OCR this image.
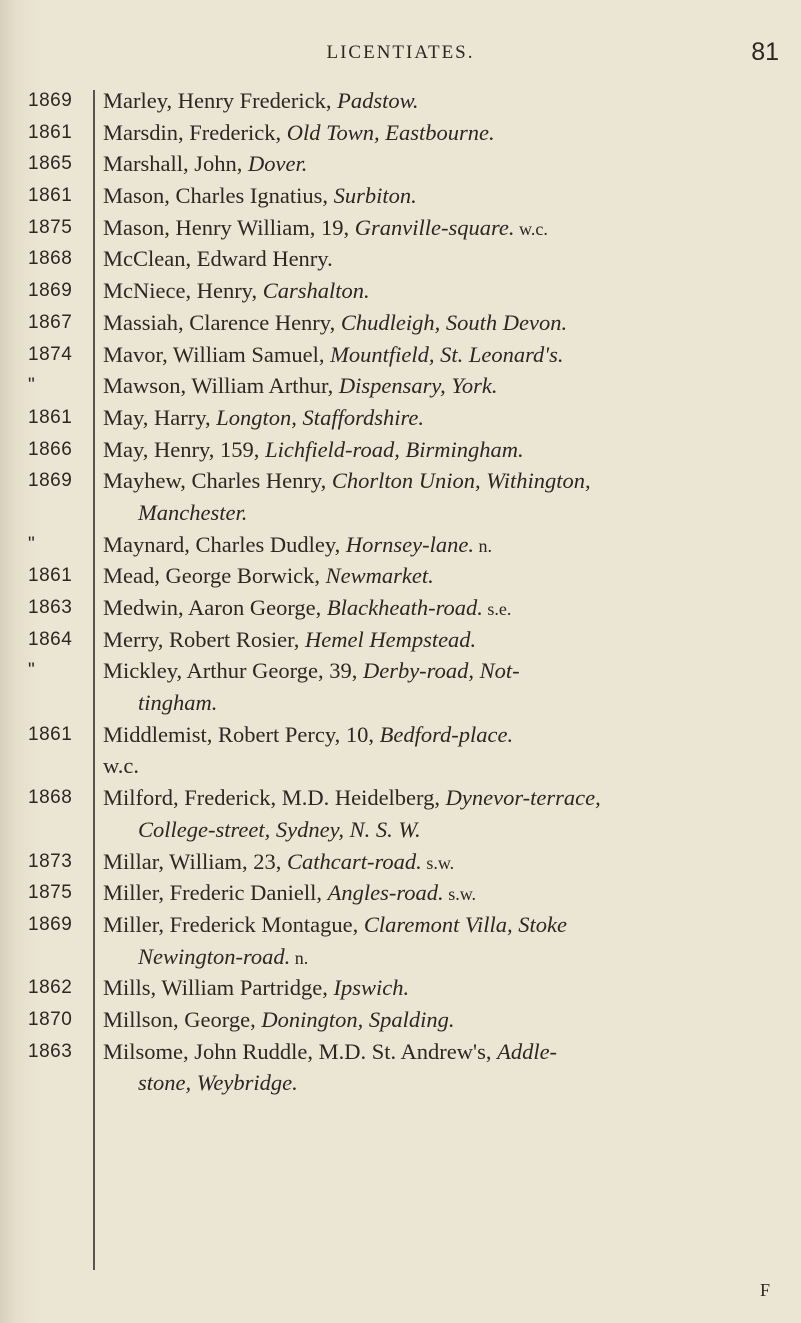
LICENTIATES.	81
1869	Marley, Henry Frederick, Padstow.
1861	Marsdin, Frederick, Old Town, Eastbourne.
1865	Marshall, John, Dover.
1861	Mason, Charles Ignatius, Surbiton.
1875	Mason, Henry William, 19, Granville-square. w.c.
1868	McClean, Edward Henry.
1869	McNiece, Henry, Carshalton.
1867	Massiah, Clarence Henry, Chudleigh, South Devon.
1874	Mavor, William Samuel, Mountfield, St. Leonard's.
"	Mawson, William Arthur, Dispensary, York.
1861	May, Harry, Longton, Staffordshire.
1866	May, Henry, 159, Lichfield-road, Birmingham.
1869	Mayhew, Charles Henry, Chorlton Union, Withington,
Manchester.
"	Maynard, Charles Dudley, Hornsey-lane. n.
1861	Mead, George Borwick, Newmarket.
1863	Medwin, Aaron George, Blackheath-road. s.e.
1864	Merry, Robert Rosier, Hemel Hempstead.
"	Mickley, Arthur George, 39, Derby-road, Not-
tingham.
1861	Middlemist, Robert Percy, 10, Bedford-place.
w.c.
1868	Milford, Frederick, M.D. Heidelberg, Dynevor-terrace,
College-street, Sydney, N. S. W.
1873	Millar, William, 23, Cathcart-road. s.w.
1875	Miller, Frederic Daniell, Angles-road. s.w.
1869	Miller, Frederick Montague, Claremont Villa, Stoke
Newington-road. n.
1862	Mills, William Partridge, Ipswich.
1870	Millson, George, Donington, Spalding.
1863	Milsome, John Ruddle, M.D. St. Andrew's, Addle-
stone, Weybridge.
F
